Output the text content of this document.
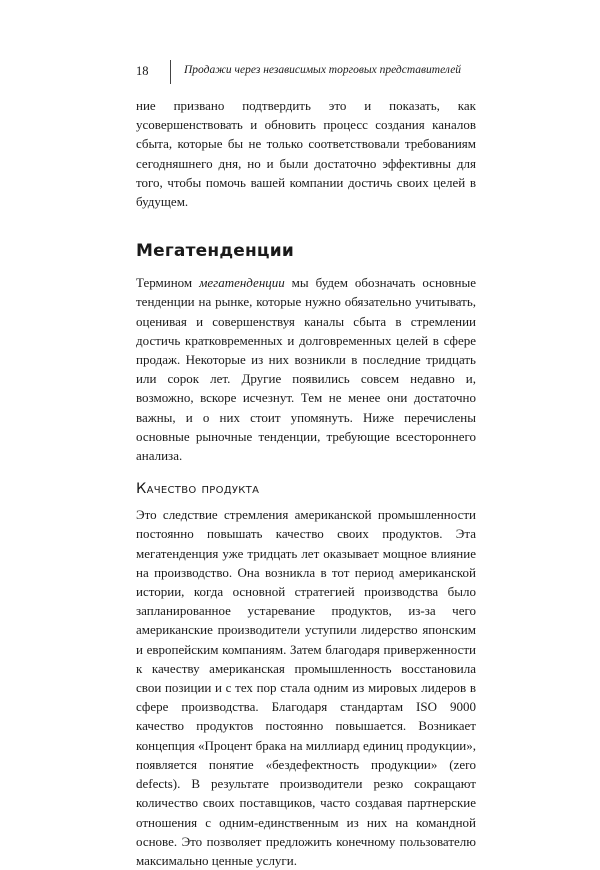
18	Продажи через независимых торговых представителей

ние призвано подтвердить это и показать, как усовершенствовать и обновить процесс создания каналов сбыта, которые бы не только соответствовали требованиям сегодняшнего дня, но и были достаточно эффективны для того, чтобы помочь вашей компании достичь своих целей в будущем.

Мегатенденции

Термином мегатенденции мы будем обозначать основные тенденции на рынке, которые нужно обязательно учитывать, оценивая и совершенствуя каналы сбыта в стремлении достичь кратковременных и долговременных целей в сфере продаж. Некоторые из них возникли в последние тридцать или сорок лет. Другие появились совсем недавно и, возможно, вскоре исчезнут. Тем не менее они достаточно важны, и о них стоит упомянуть. Ниже перечислены основные рыночные тенденции, требующие всестороннего анализа.

Качество продукта

Это следствие стремления американской промышленности постоянно повышать качество своих продуктов. Эта мегатенденция уже тридцать лет оказывает мощное влияние на производство. Она возникла в тот период американской истории, когда основной стратегией производства было запланированное устаревание продуктов, из-за чего американские производители уступили лидерство японским и европейским компаниям. Затем благодаря приверженности к качеству американская промышленность восстановила свои позиции и с тех пор стала одним из мировых лидеров в сфере производства. Благодаря стандартам ISO 9000 качество продуктов постоянно повышается. Возникает концепция «Процент брака на миллиард единиц продукции», появляется понятие «бездефектность продукции» (zero defects). В результате производители резко сокращают количество своих поставщиков, часто создавая партнерские отношения с одним-единственным из них на командной основе. Это позволяет предложить конечному пользователю максимально ценные услуги.
